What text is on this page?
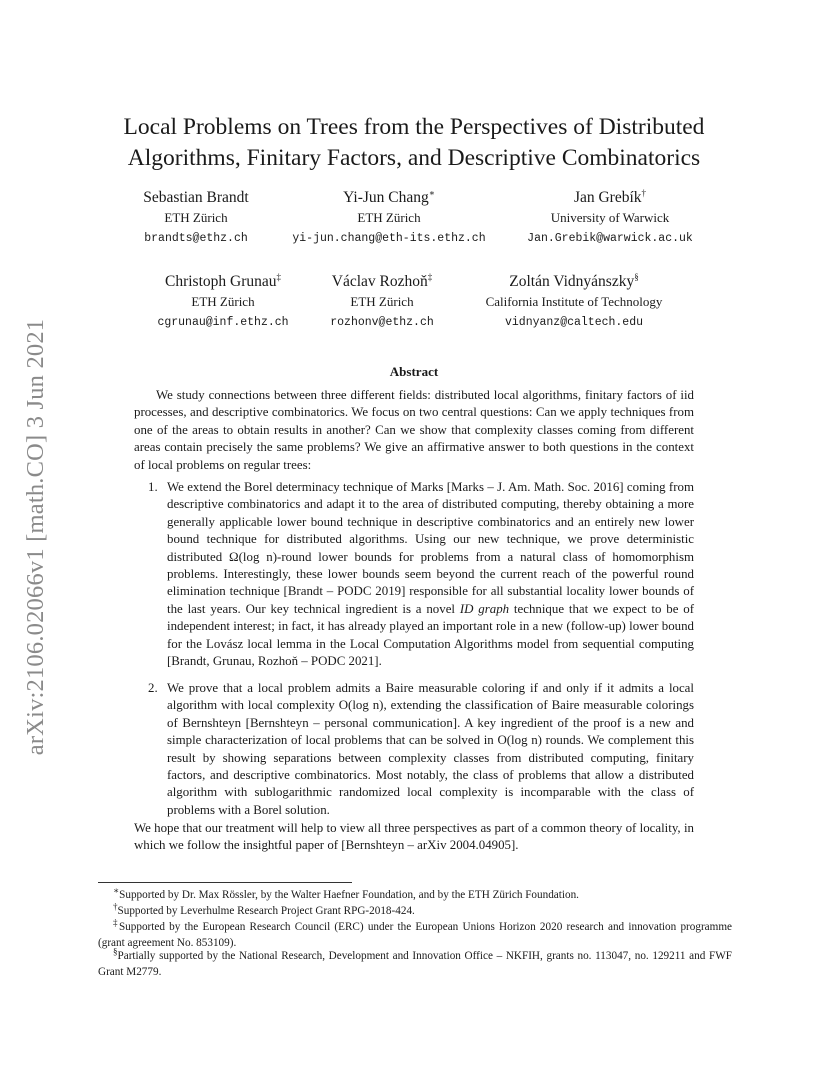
arXiv:2106.02066v1 [math.CO] 3 Jun 2021
Local Problems on Trees from the Perspectives of Distributed
Algorithms, Finitary Factors, and Descriptive Combinatorics
Sebastian Brandt
ETH Zürich
brandts@ethz.ch
Yi-Jun Chang∗
ETH Zürich
yi-jun.chang@eth-its.ethz.ch
Jan Grebík†
University of Warwick
Jan.Grebik@warwick.ac.uk
Christoph Grunau‡
ETH Zürich
cgrunau@inf.ethz.ch
Václav Rozhoň‡
ETH Zürich
rozhonv@ethz.ch
Zoltán Vidnyánszky§
California Institute of Technology
vidnyanz@caltech.edu
Abstract

We study connections between three different fields: distributed local algorithms, finitary factors of iid processes, and descriptive combinatorics. We focus on two central questions: Can we apply techniques from one of the areas to obtain results in another? Can we show that complexity classes coming from different areas contain precisely the same problems? We give an affirmative answer to both questions in the context of local problems on regular trees:

1. We extend the Borel determinacy technique of Marks [Marks – J. Am. Math. Soc. 2016] coming from descriptive combinatorics and adapt it to the area of distributed computing, thereby obtaining a more generally applicable lower bound technique in descriptive combinatorics and an entirely new lower bound technique for distributed algorithms. Using our new technique, we prove deterministic distributed Ω(log n)-round lower bounds for problems from a natural class of homomorphism problems. Interestingly, these lower bounds seem beyond the current reach of the powerful round elimination technique [Brandt – PODC 2019] responsible for all substantial locality lower bounds of the last years. Our key technical ingredient is a novel ID graph technique that we expect to be of independent interest; in fact, it has already played an important role in a new (follow-up) lower bound for the Lovász local lemma in the Local Computation Algorithms model from sequential computing [Brandt, Grunau, Rozhoň – PODC 2021].
2. We prove that a local problem admits a Baire measurable coloring if and only if it admits a local algorithm with local complexity O(log n), extending the classification of Baire measurable colorings of Bernshteyn [Bernshteyn – personal communication]. A key ingredient of the proof is a new and simple characterization of local problems that can be solved in O(log n) rounds. We complement this result by showing separations between complexity classes from distributed computing, finitary factors, and descriptive combinatorics. Most notably, the class of problems that allow a distributed algorithm with sublogarithmic randomized local complexity is incomparable with the class of problems with a Borel solution.

We hope that our treatment will help to view all three perspectives as part of a common theory of locality, in which we follow the insightful paper of [Bernshteyn – arXiv 2004.04905].

∗Supported by Dr. Max Rössler, by the Walter Haefner Foundation, and by the ETH Zürich Foundation.

†Supported by Leverhulme Research Project Grant RPG-2018-424.

‡Supported by the European Research Council (ERC) under the European Unions Horizon 2020 research and innovation programme (grant agreement No. 853109).

§Partially supported by the National Research, Development and Innovation Office – NKFIH, grants no. 113047, no. 129211 and FWF Grant M2779.
